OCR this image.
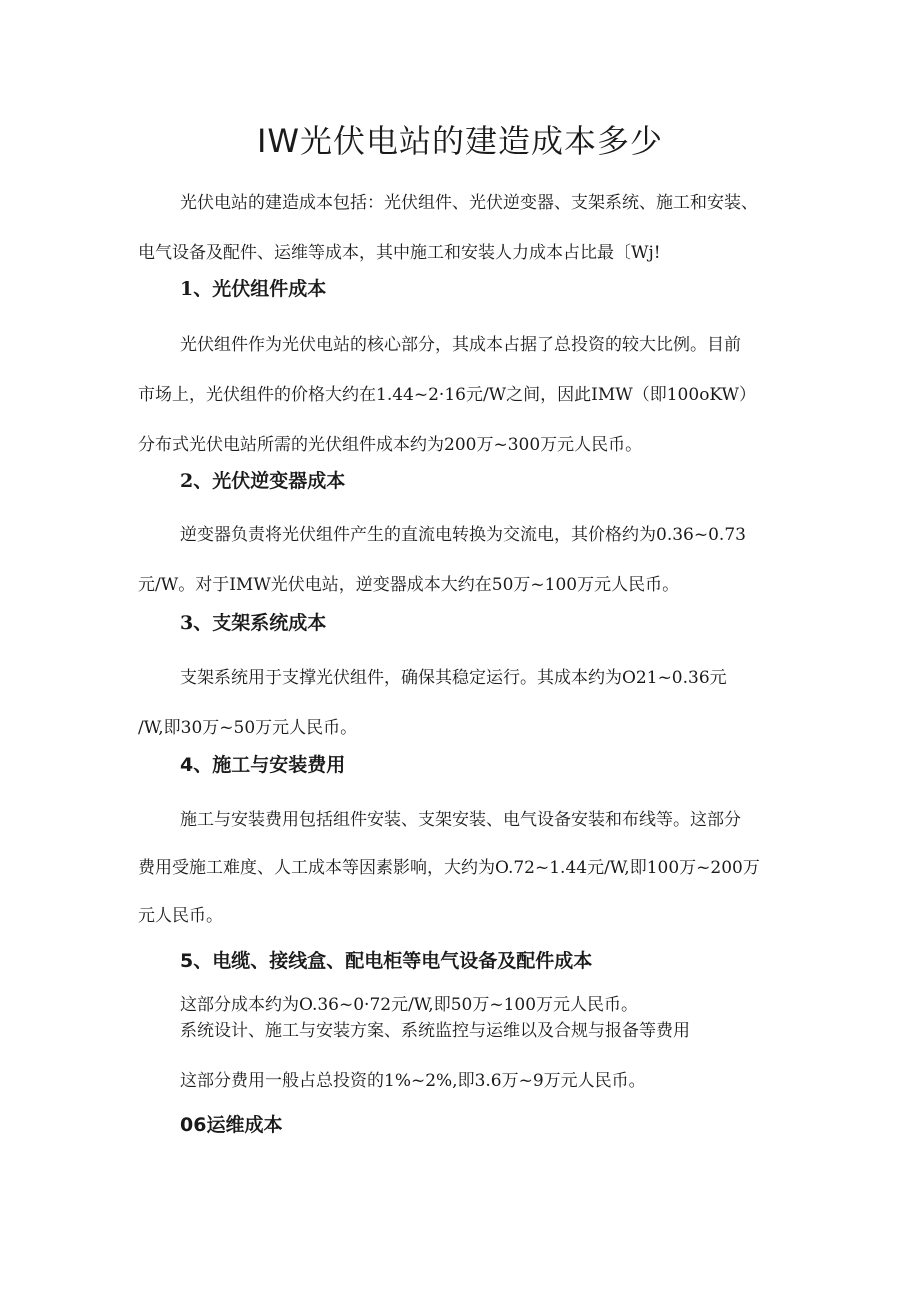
IW光伏电站的建造成本多少

光伏电站的建造成本包括：光伏组件、光伏逆变器、支架系统、施工和安装、
电气设备及配件、运维等成本，其中施工和安装人力成本占比最〔Wj!

1、光伏组件成本

光伏组件作为光伏电站的核心部分，其成本占据了总投资的较大比例。目前
市场上，光伏组件的价格大约在1.44~2·16元/W之间，因此IMW（即100oKW）
分布式光伏电站所需的光伏组件成本约为200万~300万元人民币。

2、光伏逆变器成本

逆变器负责将光伏组件产生的直流电转换为交流电，其价格约为0.36~0.73
元/W。对于IMW光伏电站，逆变器成本大约在50万~100万元人民币。

3、支架系统成本

支架系统用于支撑光伏组件，确保其稳定运行。其成本约为O21~0.36元
/W,即30万~50万元人民币。

4、施工与安装费用

施工与安装费用包括组件安装、支架安装、电气设备安装和布线等。这部分
费用受施工难度、人工成本等因素影响，大约为O.72~1.44元/W,即100万~200万
元人民币。

5、电缆、接线盒、配电柜等电气设备及配件成本

这部分成本约为O.36~0·72元/W,即50万~100万元人民币。
系统设计、施工与安装方案、系统监控与运维以及合规与报备等费用

这部分费用一般占总投资的1%~2%,即3.6万~9万元人民币。

06运维成本
